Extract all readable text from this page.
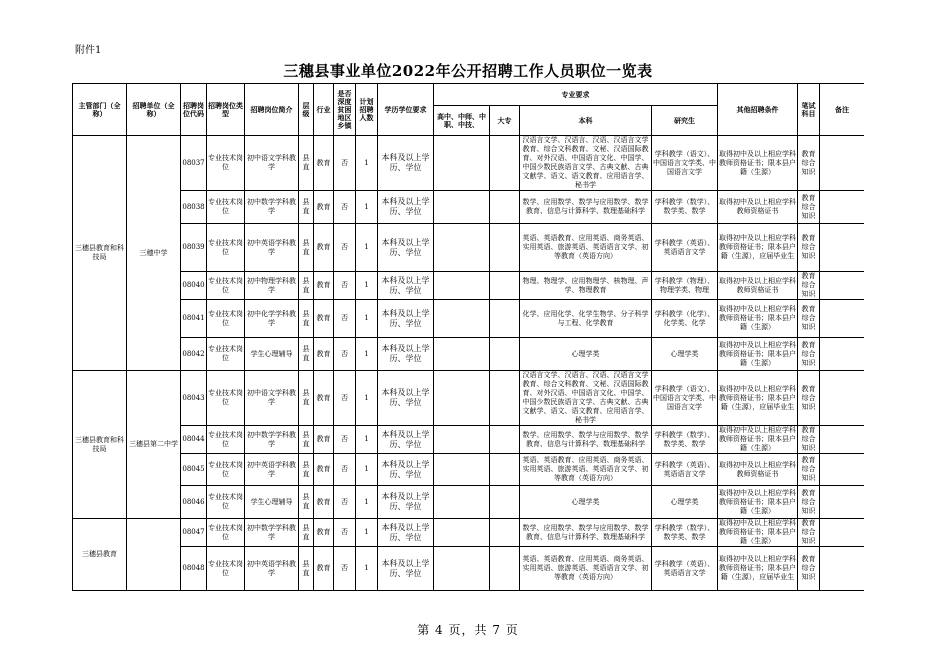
附件1
三穗县事业单位2022年公开招聘工作人员职位一览表
主管部门（全称）	招聘单位（全称）	招聘岗位代码	招聘岗位类型	招聘岗位简介	层级	行业	是否深度贫困地区乡镇	计划招聘人数	学历学位要求	专业要求				其他招聘条件	笔试科目	备注
										高中、中师、中职、中技、	大专	本科	研究生			
三穗县教育和科技局	三穗中学	08037	专业技术岗位	初中语文学科教学	县直	教育	否	1	本科及以上学历、学位			汉语言文学、汉语言、汉语、汉语言文学教育、综合文科教育、文秘、汉语国际教育、对外汉语、中国语言文化、中国学、中国少数民族语言文学、古典文献、古典文献学、语文、语文教育、应用语言学、秘书学	学科教学（语文）、中国语言文学类、中国语言文学	取得初中及以上相应学科教师资格证书；限本县户籍（生源）	教育综合知识	
		08038	专业技术岗位	初中数学学科教学	县直	教育	否	1	本科及以上学历、学位			数学、应用数学、数学与应用数学、数学教育、信息与计算科学、数理基础科学	学科教学（数学）、数学类、数学	取得初中及以上相应学科教师资格证书	教育综合知识	
		08039	专业技术岗位	初中英语学科教学	县直	教育	否	1	本科及以上学历、学位			英语、英语教育、应用英语、商务英语、实用英语、旅游英语、英语语言文学、初等教育（英语方向）	学科教学（英语）、英语语言文学	取得初中及以上相应学科教师资格证书；限本县户籍（生源），应届毕业生	教育综合知识	
		08040	专业技术岗位	初中物理学科教学	县直	教育	否	1	本科及以上学历、学位			物理、物理学、应用物理学、核物理、声学、物理教育	学科教学（物理）、物理学类、物理	取得初中及以上相应学科教师资格证书	教育综合知识	
		08041	专业技术岗位	初中化学学科教学	县直	教育	否	1	本科及以上学历、学位			化学、应用化学、化学生物学、分子科学与工程、化学教育	学科教学（化学）、化学类、化学	取得初中及以上相应学科教师资格证书；限本县户籍（生源）	教育综合知识	
		08042	专业技术岗位	学生心理辅导	县直	教育	否	1	本科及以上学历、学位			心理学类	心理学类	取得初中及以上相应学科教师资格证书；限本县户籍（生源）	教育综合知识	
三穗县教育和科技局	三穗县第二中学	08043	专业技术岗位	初中语文学科教学	县直	教育	否	1	本科及以上学历、学位			汉语言文学、汉语言、汉语、汉语言文学教育、综合文科教育、文秘、汉语国际教育、对外汉语、中国语言文化、中国学、中国少数民族语言文学、古典文献、古典文献学、语文、语文教育、应用语言学、秘书学	学科教学（语文）、中国语言文学类、中国语言文学	取得初中及以上相应学科教师资格证书；限本县户籍（生源），应届毕业生	教育综合知识	
		08044	专业技术岗位	初中数学学科教学	县直	教育	否	1	本科及以上学历、学位			数学、应用数学、数学与应用数学、数学教育、信息与计算科学、数理基础科学	学科教学（数学）、数学类、数学	取得初中及以上相应学科教师资格证书；限本县户籍（生源）	教育综合知识	
		08045	专业技术岗位	初中英语学科教学	县直	教育	否	1	本科及以上学历、学位			英语、英语教育、应用英语、商务英语、实用英语、旅游英语、英语语言文学、初等教育（英语方向）	学科教学（英语）、英语语言文学	取得初中及以上相应学科教师资格证书	教育综合知识	
		08046	专业技术岗位	学生心理辅导	县直	教育	否	1	本科及以上学历、学位			心理学类	心理学类	取得初中及以上相应学科教师资格证书；限本县户籍（生源）	教育综合知识	
三穗县教育		08047	专业技术岗位	初中数学学科教学	县直	教育	否	1	本科及以上学历、学位			数学、应用数学、数学与应用数学、数学教育、信息与计算科学、数理基础科学	学科教学（数学）、数学类、数学	取得初中及以上相应学科教师资格证书；限本县户籍（生源）	教育综合知识	
		08048	专业技术岗位	初中英语学科教学	县直	教育	否	1	本科及以上学历、学位			英语、英语教育、应用英语、商务英语、实用英语、旅游英语、英语语言文学、初等教育（英语方向）	学科教学（英语）、英语语言文学	取得初中及以上相应学科教师资格证书；限本县户籍（生源），应届毕业生	教育综合知识	
第 4 页，共 7 页
